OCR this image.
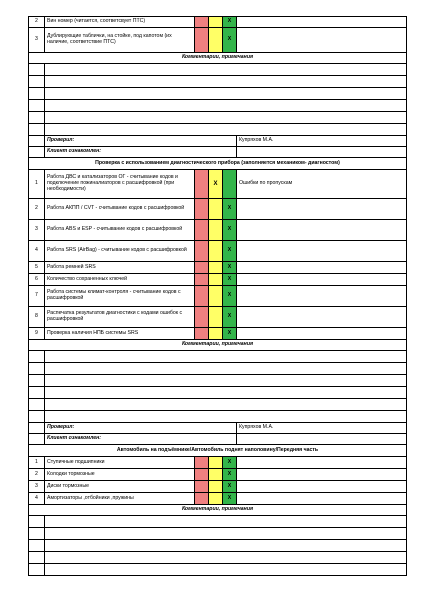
2	Вин номер (читается, соответсвует ПТС)			X	
3	Дублирующие таблички, на стойке, под капотом (их наличие, соответствие ПТС)			X	
Комментарии, примечания					

	Проверил:				Купряхов М.А.
	Клиент ознакомлен:				
Проверка с использованием диагностического прибора (заполняется механиком- диагностом)					
1	Работа ДВС и катализаторов ОГ - считывание кодов и подключение пожиналиаторов с расшифровкой (при необходимости)		X		Ошибки по пропускам
2	Работа АКПП / CVT - считывание кодов с расшифровкой			X	
3	Работа ABS и ESP - считывание кодов с расшифровкой			X	
4	Работа SRS (AirBag) - считывание кодов с расшифровкой			X	
5	Работа ремней SRS			X	
6	Количество сохраненных ключей			X	
7	Работа системы климат-контроля - считывание кодов с расшифровкой			X	
8	Распечатка результатов диагностики с кодами ошибок с расшифровкой			X	
9	Проверка наличия НПБ системы SRS			X	
Комментарии, примечания					

	Проверил:				Купряхов М.А.
	Клиент ознакомлен:				
Автомобиль на подъёмнике/Автомобиль поднят наполовину/Передняя часть					
1	Ступичные подшипники			X	
2	Колодки тормозные			X	
3	Диски тормозные			X	
4	Амортизаторы ,отбойники ,пружины			X	
Комментарии, примечания					
